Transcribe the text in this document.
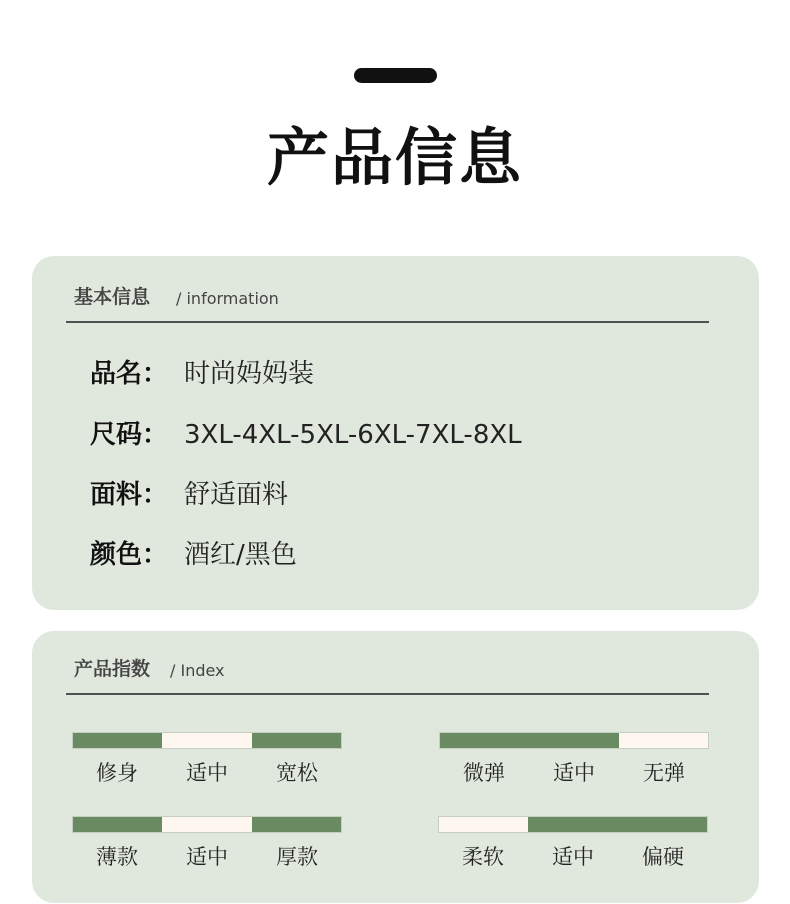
产品信息
基本信息 / information
品名： 时尚妈妈装
尺码： 3XL-4XL-5XL-6XL-7XL-8XL
面料： 舒适面料
颜色： 酒红/黑色
产品指数 / Index
修身	适中	宽松	微弹	适中	无弹
薄款	适中	厚款	柔软	适中	偏硬
